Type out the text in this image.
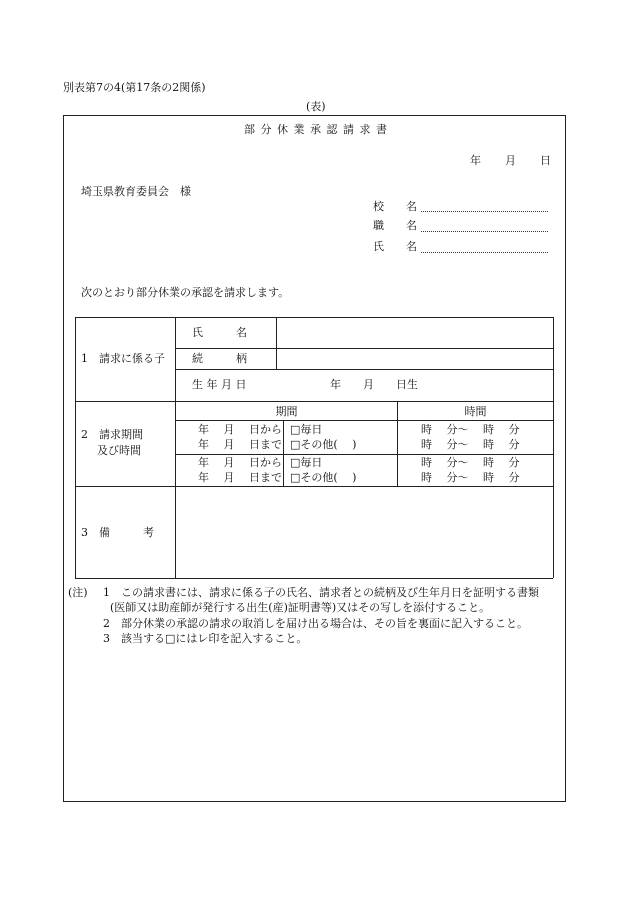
別表第7の4(第17条の2関係)
(表)
部 分 休 業 承 認 請 求 書
年 月 日
埼玉県教育委員会　様
校 名
職 名
氏 名
次のとおり部分休業の承認を請求します。
1　請求に係る子
氏　　　名
続　　　柄
生 年 月 日	年　　月　　日生
2　請求期間
及び時間
期間	時間
年　 月　 日から □毎日	時　 分～　 時　 分
年　 月　 日まで □その他(　 )	時　 分～　 時　 分
年　 月　 日から □毎日	時　 分～　 時　 分
年　 月　 日まで □その他(　 )	時　 分～　 時　 分
3　備　　　考
(注) 1　この請求書には、請求に係る子の氏名、請求者との続柄及び生年月日を証明する書類
(医師又は助産師が発行する出生(産)証明書等)又はその写しを添付すること。
2　部分休業の承認の請求の取消しを届け出る場合は、その旨を裏面に記入すること。
3　該当する□にはレ印を記入すること。
